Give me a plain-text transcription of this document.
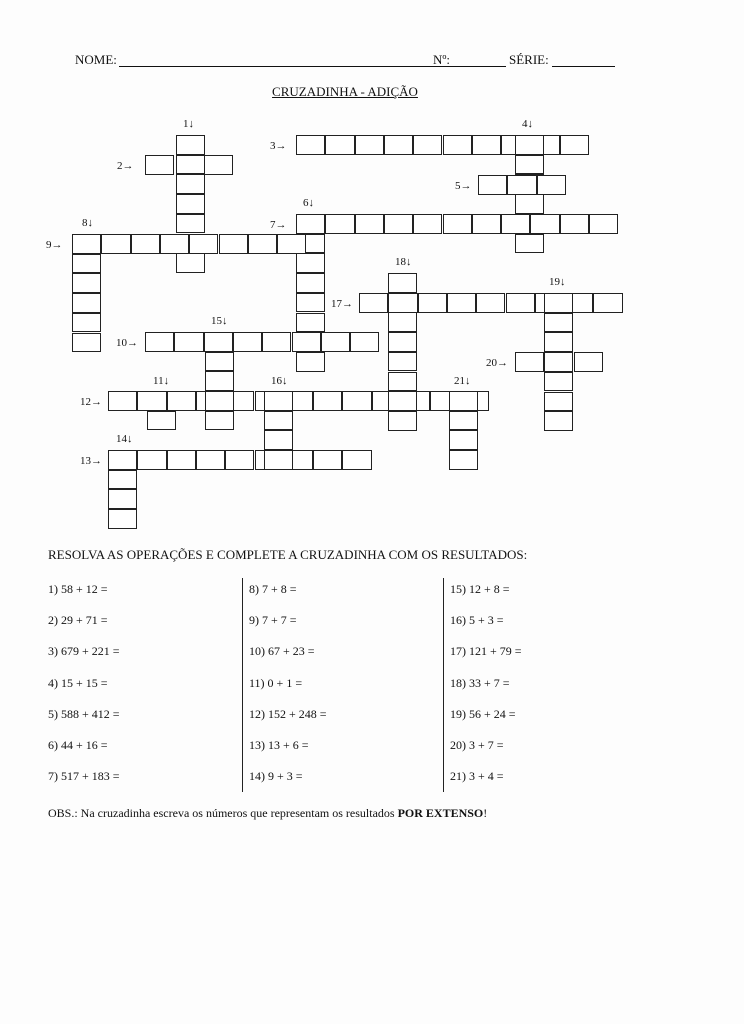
NOME:	Nº:	SÉRIE:
CRUZADINHA - ADIÇÃO
1↓
2→
3→
4↓
5→
6↓
7→
8↓
9→
10→
11↓
12→
13→
14↓
15↓
16↓
17→
18↓
19↓
20→
21↓
RESOLVA AS OPERAÇÕES E COMPLETE A CRUZADINHA COM OS RESULTADOS:
1) 58 + 12 =
2) 29 + 71 =
3) 679 + 221 =
4) 15 + 15 =
5) 588 + 412 =
6) 44 + 16 =
7) 517 + 183 =
8) 7 + 8 =
9) 7 + 7 =
10) 67 + 23 =
11) 0 + 1 =
12) 152 + 248 =
13) 13 + 6 =
14) 9 + 3 =
15) 12 + 8 =
16) 5 + 3 =
17) 121 + 79 =
18) 33 + 7 =
19) 56 + 24 =
20) 3 + 7 =
21) 3 + 4 =
OBS.: Na cruzadinha escreva os números que representam os resultados POR EXTENSO!
